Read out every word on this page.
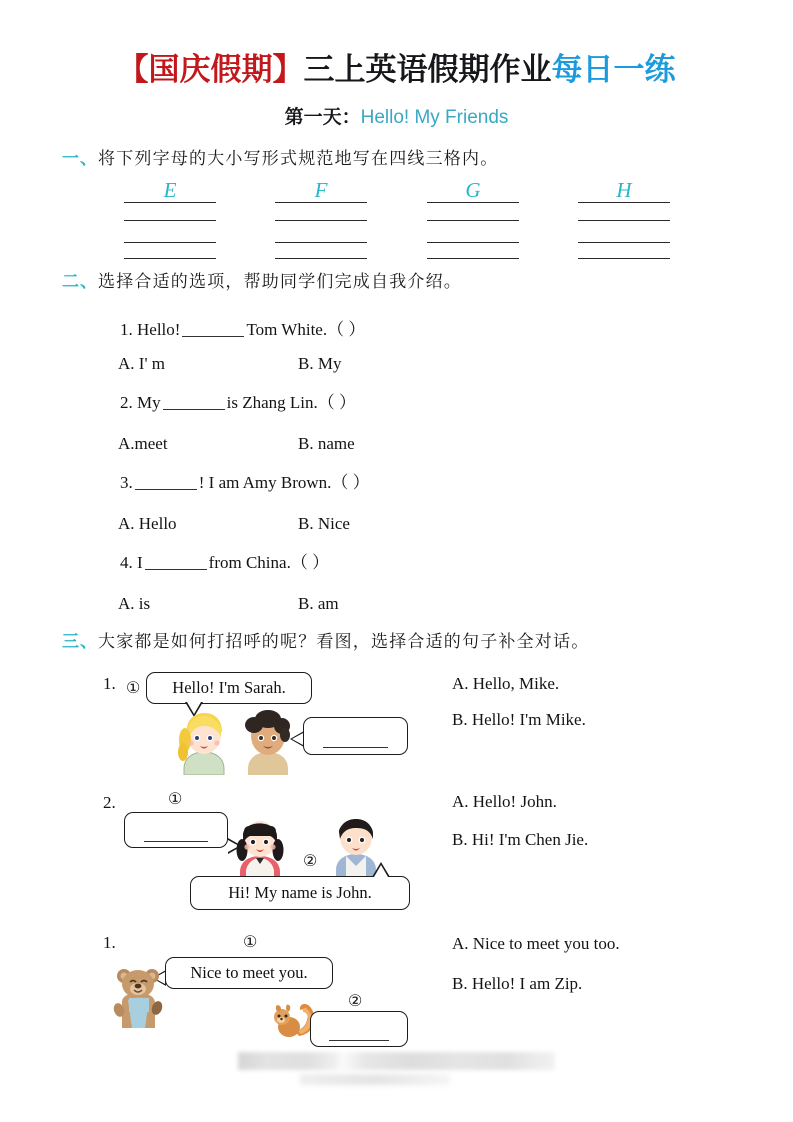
【国庆假期】三上英语假期作业每日一练
第一天：Hello! My Friends
一、将下列字母的大小写形式规范地写在四线三格内。
E	F	G	H
二、选择合适的选项，帮助同学们完成自我介绍。
1. Hello!	Tom White.（ ）
A. I' m	B. My
2. My	is Zhang Lin.（ ）
A.meet	B. name
3.	! I am Amy Brown.（ ）
A. Hello	B. Nice
4. I	from China.（ ）
A. is	B. am
三、大家都是如何打招呼的呢？看图，选择合适的句子补全对话。
1. ① Hello! I'm Sarah.	A. Hello, Mike.
B. Hello! I'm Mike.
2.	①
②
Hi! My name is John.
A. Hello! John.
B. Hi! I'm Chen Jie.
1.	①
Nice to meet you.
②
A. Nice to meet you too.
B. Hello! I am Zip.
